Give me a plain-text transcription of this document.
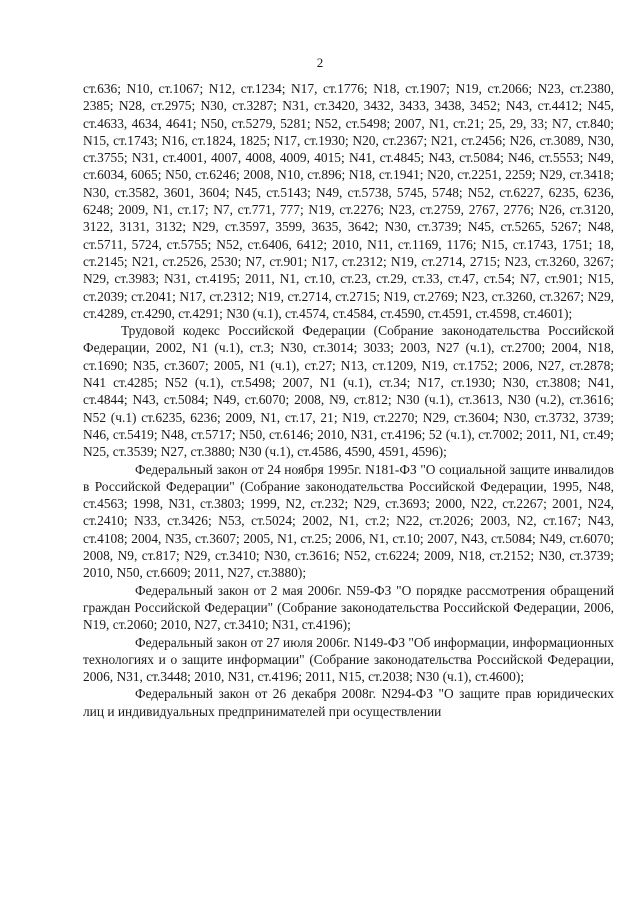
2

ст.636; N10, ст.1067; N12, ст.1234; N17, ст.1776; N18, ст.1907; N19, ст.2066; N23, ст.2380, 2385; N28, ст.2975; N30, ст.3287; N31, ст.3420, 3432, 3433, 3438, 3452; N43, ст.4412; N45, ст.4633, 4634, 4641; N50, ст.5279, 5281; N52, ст.5498; 2007, N1, ст.21; 25, 29, 33; N7, ст.840; N15, ст.1743; N16, ст.1824, 1825; N17, ст.1930; N20, ст.2367; N21, ст.2456; N26, ст.3089, N30, ст.3755; N31, ст.4001, 4007, 4008, 4009, 4015; N41, ст.4845; N43, ст.5084; N46, ст.5553; N49, ст.6034, 6065; N50, ст.6246; 2008, N10, ст.896; N18, ст.1941; N20, ст.2251, 2259; N29, ст.3418; N30, ст.3582, 3601, 3604; N45, ст.5143; N49, ст.5738, 5745, 5748; N52, ст.6227, 6235, 6236, 6248; 2009, N1, ст.17; N7, ст.771, 777; N19, ст.2276; N23, ст.2759, 2767, 2776; N26, ст.3120, 3122, 3131, 3132; N29, ст.3597, 3599, 3635, 3642; N30, ст.3739; N45, ст.5265, 5267; N48, ст.5711, 5724, ст.5755; N52, ст.6406, 6412; 2010, N11, ст.1169, 1176; N15, ст.1743, 1751; 18, ст.2145; N21, ст.2526, 2530; N7, ст.901; N17, ст.2312; N19, ст.2714, 2715; N23, ст.3260, 3267; N29, ст.3983; N31, ст.4195; 2011, N1, ст.10, ст.23, ст.29, ст.33, ст.47, ст.54; N7, ст.901; N15, ст.2039; ст.2041; N17, ст.2312; N19, ст.2714, ст.2715; N19, ст.2769; N23, ст.3260, ст.3267; N29, ст.4289, ст.4290, ст.4291; N30 (ч.1), ст.4574, ст.4584, ст.4590, ст.4591, ст.4598, ст.4601);

Трудовой кодекс Российской Федерации (Собрание законодательства Российской Федерации, 2002, N1 (ч.1), ст.3; N30, ст.3014; 3033; 2003, N27 (ч.1), ст.2700; 2004, N18, ст.1690; N35, ст.3607; 2005, N1 (ч.1), ст.27; N13, ст.1209, N19, ст.1752; 2006, N27, ст.2878; N41 ст.4285; N52 (ч.1), ст.5498; 2007, N1 (ч.1), ст.34; N17, ст.1930; N30, ст.3808; N41, ст.4844; N43, ст.5084; N49, ст.6070; 2008, N9, ст.812; N30 (ч.1), ст.3613, N30 (ч.2), ст.3616; N52 (ч.1) ст.6235, 6236; 2009, N1, ст.17, 21; N19, ст.2270; N29, ст.3604; N30, ст.3732, 3739; N46, ст.5419; N48, ст.5717; N50, ст.6146; 2010, N31, ст.4196; 52 (ч.1), ст.7002; 2011, N1, ст.49; N25, ст.3539; N27, ст.3880; N30 (ч.1), ст.4586, 4590, 4591, 4596);

Федеральный закон от 24 ноября 1995г. N181-ФЗ "О социальной защите инвалидов в Российской Федерации" (Собрание законодательства Российской Федерации, 1995, N48, ст.4563; 1998, N31, ст.3803; 1999, N2, ст.232; N29, ст.3693; 2000, N22, ст.2267; 2001, N24, ст.2410; N33, ст.3426; N53, ст.5024; 2002, N1, ст.2; N22, ст.2026; 2003, N2, ст.167; N43, ст.4108; 2004, N35, ст.3607; 2005, N1, ст.25; 2006, N1, ст.10; 2007, N43, ст.5084; N49, ст.6070; 2008, N9, ст.817; N29, ст.3410; N30, ст.3616; N52, ст.6224; 2009, N18, ст.2152; N30, ст.3739; 2010, N50, ст.6609; 2011, N27, ст.3880);

Федеральный закон от 2 мая 2006г. N59-ФЗ "О порядке рассмотрения обращений граждан Российской Федерации" (Собрание законодательства Российской Федерации, 2006, N19, ст.2060; 2010, N27, ст.3410; N31, ст.4196);

Федеральный закон от 27 июля 2006г. N149-ФЗ "Об информации, информационных технологиях и о защите информации" (Собрание законодательства Российской Федерации, 2006, N31, ст.3448; 2010, N31, ст.4196; 2011, N15, ст.2038; N30 (ч.1), ст.4600);

Федеральный закон от 26 декабря 2008г. N294-ФЗ "О защите прав юридических лиц и индивидуальных предпринимателей при осуществлении
